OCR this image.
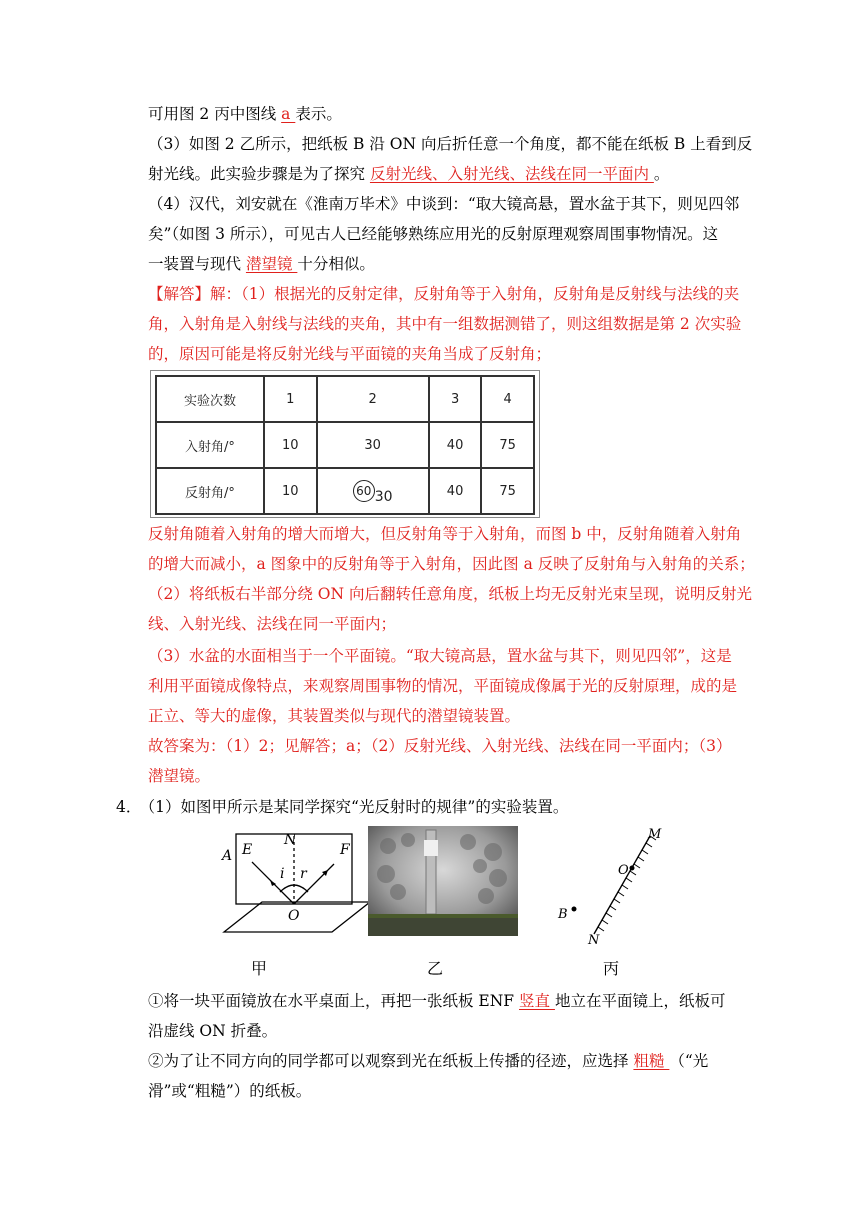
可用图 2 丙中图线 a 表示。
（3）如图 2 乙所示，把纸板 B 沿 ON 向后折任意一个角度，都不能在纸板 B 上看到反
射光线。此实验步骤是为了探究 反射光线、入射光线、法线在同一平面内 。
（4）汉代，刘安就在《淮南万毕术》中谈到：“取大镜高悬，置水盆于其下，则见四邻
矣”（如图 3 所示），可见古人已经能够熟练应用光的反射原理观察周围事物情况。这
一装置与现代 潜望镜 十分相似。
【解答】解：（1）根据光的反射定律，反射角等于入射角，反射角是反射线与法线的夹
角，入射角是入射线与法线的夹角，其中有一组数据测错了，则这组数据是第 2 次实验
的，原因可能是将反射光线与平面镜的夹角当成了反射角；
实验次数	1	2	3	4
入射角/°	10	30	40	75
反射角/°	10	60 30	40	75
反射角随着入射角的增大而增大，但反射角等于入射角，而图 b 中，反射角随着入射角
的增大而减小，a 图象中的反射角等于入射角，因此图 a 反映了反射角与入射角的关系；
（2）将纸板右半部分绕 ON 向后翻转任意角度，纸板上均无反射光束呈现，说明反射光
线、入射光线、法线在同一平面内；
（3）水盆的水面相当于一个平面镜。“取大镜高悬，置水盆与其下，则见四邻”，这是
利用平面镜成像特点，来观察周围事物的情况，平面镜成像属于光的反射原理，成的是
正立、等大的虚像，其装置类似与现代的潜望镜装置。
故答案为：（1）2；见解答；a；（2）反射光线、入射光线、法线在同一平面内；（3）
潜望镜。
4． （1）如图甲所示是某同学探究“光反射时的规律”的实验装置。
A E
N
F
i r
O
M
O
B
N
甲	乙	丙
①将一块平面镜放在水平桌面上，再把一张纸板 ENF 竖直 地立在平面镜上，纸板可
沿虚线 ON 折叠。
②为了让不同方向的同学都可以观察到光在纸板上传播的径迹，应选择 粗糙 （“光
滑”或“粗糙”）的纸板。
